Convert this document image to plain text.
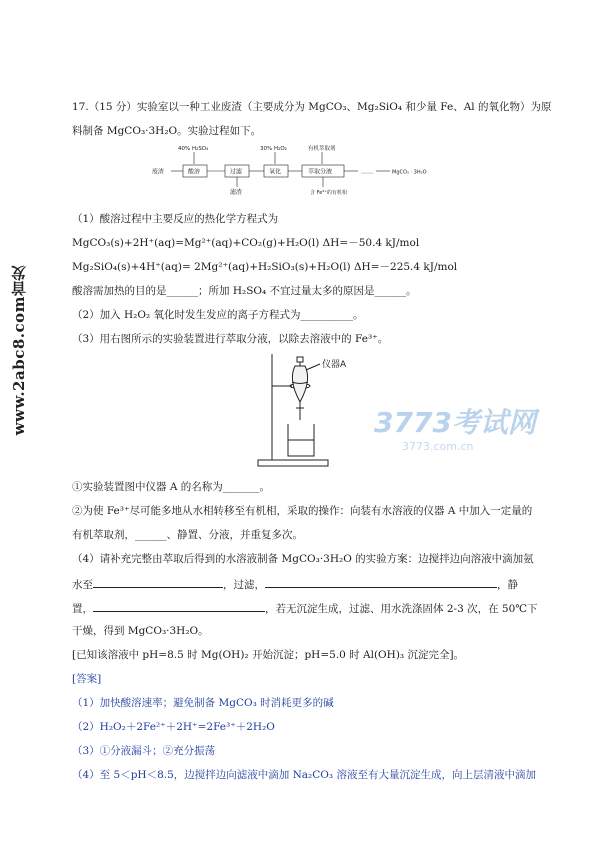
www.2abc8.com首发
17.（15 分）实验室以一种工业废渣（主要成分为 MgCO₃、Mg₂SiO₄ 和少量 Fe、Al 的氧化物）为原
料制备 MgCO₃·3H₂O。实验过程如下。
40% H₂SO₄	30% H₂O₂	有机萃取剂
废渣	酸溶	过滤	氧化	萃取分液	……	MgCO₃ · 3H₂O
滤渣	含 Fe³⁺的有机相
（1）酸溶过程中主要反应的热化学方程式为
MgCO₃(s)+2H⁺(aq)=Mg²⁺(aq)+CO₂(g)+H₂O(l) ΔH=－50.4 kJ/mol
Mg₂SiO₄(s)+4H⁺(aq)= 2Mg²⁺(aq)+H₂SiO₃(s)+H₂O(l) ΔH=－225.4 kJ/mol
酸溶需加热的目的是______；所加 H₂SO₄ 不宜过量太多的原因是______。
（2）加入 H₂O₂ 氧化时发生发应的离子方程式为__________。
（3）用右图所示的实验装置进行萃取分液，以除去溶液中的 Fe³⁺。
仪器A
3773考试网
3773.com.cn
①实验装置图中仪器 A 的名称为_______。
②为使 Fe³⁺尽可能多地从水相转移至有机相，采取的操作：向装有水溶液的仪器 A 中加入一定量的
有机萃取剂，______、静置、分液，并重复多次。
（4）请补充完整由萃取后得到的水溶液制备 MgCO₃·3H₂O 的实验方案：边搅拌边向溶液中滴加氨
水至	，过滤，	，静
置，	，若无沉淀生成，过滤、用水洗涤固体 2-3 次，在 50℃下
干燥，得到 MgCO₃·3H₂O。
[已知该溶液中 pH=8.5 时 Mg(OH)₂ 开始沉淀；pH=5.0 时 Al(OH)₃ 沉淀完全]。
[答案]
（1）加快酸溶速率；避免制备 MgCO₃ 时消耗更多的碱
（2）H₂O₂＋2Fe²⁺＋2H⁺=2Fe³⁺＋2H₂O
（3）①分液漏斗；②充分振荡
（4）至 5＜pH＜8.5，边搅拌边向滤液中滴加 Na₂CO₃ 溶液至有大量沉淀生成，向上层清液中滴加
